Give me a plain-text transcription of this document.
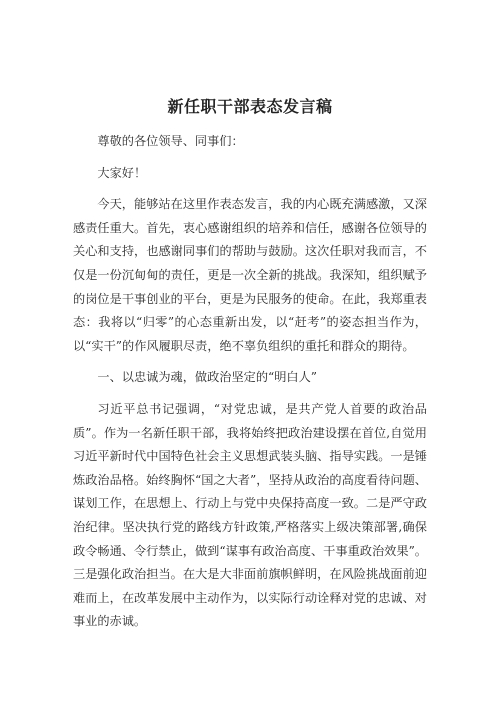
新任职干部表态发言稿

尊敬的各位领导、同事们：

大家好！

今天，能够站在这里作表态发言，我的内心既充满感激，又深感责任重大。首先，衷心感谢组织的培养和信任，感谢各位领导的关心和支持，也感谢同事们的帮助与鼓励。这次任职对我而言，不仅是一份沉甸甸的责任，更是一次全新的挑战。我深知，组织赋予的岗位是干事创业的平台，更是为民服务的使命。在此，我郑重表态：我将以“归零”的心态重新出发，以“赶考”的姿态担当作为，以“实干”的作风履职尽责，绝不辜负组织的重托和群众的期待。

一、以忠诚为魂，做政治坚定的“明白人”

习近平总书记强调，“对党忠诚，是共产党人首要的政治品质”。作为一名新任职干部，我将始终把政治建设摆在首位,自觉用习近平新时代中国特色社会主义思想武装头脑、指导实践。一是锤炼政治品格。始终胸怀“国之大者”，坚持从政治的高度看待问题、谋划工作，在思想上、行动上与党中央保持高度一致。二是严守政治纪律。坚决执行党的路线方针政策,严格落实上级决策部署,确保政令畅通、令行禁止，做到“谋事有政治高度、干事重政治效果”。三是强化政治担当。在大是大非面前旗帜鲜明，在风险挑战面前迎难而上，在改革发展中主动作为，以实际行动诠释对党的忠诚、对事业的赤诚。
